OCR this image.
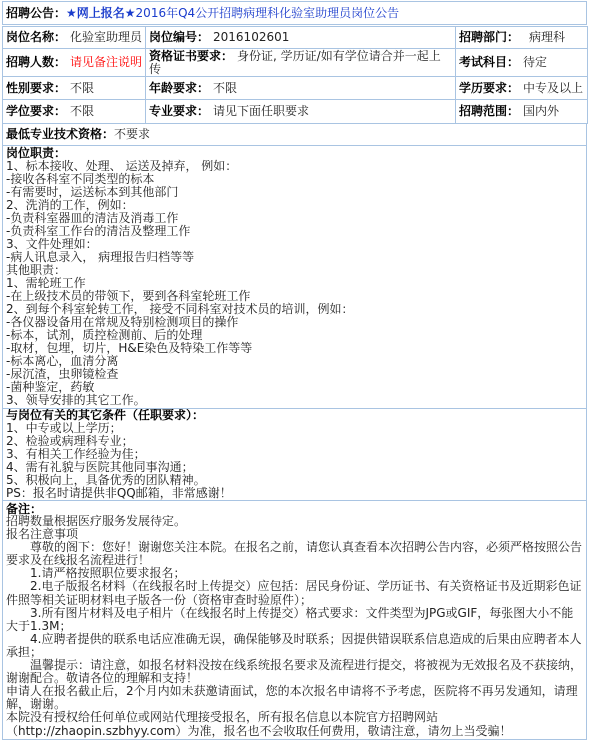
招聘公告：★网上报名★2016年Q4公开招聘病理科化验室助理员岗位公告
岗位名称： 化验室助理员	岗位编号： 2016102601	招聘部门： 病理科
招聘人数： 请见备注说明	资格证书要求： 身份证, 学历证/如有学位请合并一起上传	考试科目： 待定
性别要求： 不限	年龄要求： 不限	学历要求： 中专及以上
学位要求： 不限	专业要求： 请见下面任职要求	招聘范围： 国内外
最低专业技术资格：不要求
岗位职责：
1、标本接收、处理、 运送及掉弃， 例如：
-接收各科室不同类型的标本
-有需要时，运送标本到其他部门
2、洗消的工作，例如：
-负责科室器皿的清洁及消毒工作
-负责科室工作台的清洁及整理工作
3、文件处理如：
-病人讯息录入， 病理报告归档等等
其他职责：
1、需轮班工作
-在上级技术员的带领下，要到各科室轮班工作
2、到每个科室轮转工作， 接受不同科室对技术员的培训，例如：
-各仪器设备用在常规及特别检测项目的操作
-标本，试剂，质控检测前、后的处理
-取材，包埋，切片，H&E染色及特染工作等等
-标本离心，血清分离
-尿沉渣，虫卵镜检查
-菌种鉴定，药敏
3、领导安排的其它工作。
与岗位有关的其它条件（任职要求）：
1、中专或以上学历；
2、检验或病理科专业；
3、有相关工作经验为佳；
4、需有礼貌与医院其他同事沟通；
5、积极向上，具备优秀的团队精神。
PS：报名时请提供非QQ邮箱，非常感谢！
备注：

招聘数量根据医疗服务发展待定。

报名注意事项

　　尊敬的阁下：您好！谢谢您关注本院。在报名之前，请您认真查看本次招聘公告内容，必须严格按照公告要求及在线报名流程进行！

　　1.请严格按照职位要求报名；

　　2.电子版报名材料（在线报名时上传提交）应包括：居民身份证、学历证书、有关资格证书及近期彩色证件照等相关证明材料电子版各一份（资格审查时验原件）；

　　3.所有图片材料及电子相片（在线报名时上传提交）格式要求：文件类型为JPG或GIF，每张图大小不能大于1.3M；

　　4.应聘者提供的联系电话应准确无误，确保能够及时联系；因提供错误联系信息造成的后果由应聘者本人承担；

　　温馨提示：请注意，如报名材料没按在线系统报名要求及流程进行提交，将被视为无效报名及不获接纳，谢谢配合。敬请各位的理解和支持！

申请人在报名截止后，2个月内如未获邀请面试，您的本次报名申请将不予考虑，医院将不再另发通知，请理解，谢谢。

本院没有授权给任何单位或网站代理接受报名，所有报名信息以本院官方招聘网站（http://zhaopin.szbhyy.com）为准，报名也不会收取任何费用，敬请注意，请勿上当受骗！
